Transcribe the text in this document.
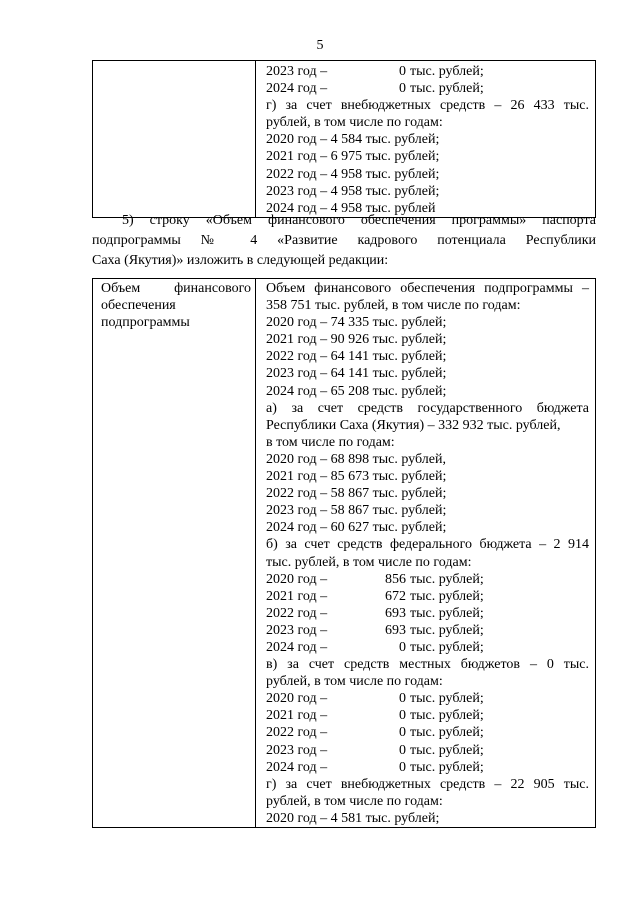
5

2023 год –	0 тыс. рублей;
2024 год –	0 тыс. рублей;
г) за счет внебюджетных средств – 26 433 тыс.
рублей, в том числе по годам:
2020 год – 4 584 тыс. рублей;
2021 год – 6 975 тыс. рублей;
2022 год – 4 958 тыс. рублей;
2023 год – 4 958 тыс. рублей;
2024 год – 4 958 тыс. рублей
5) строку «Объем финансового обеспечения программы» паспорта
подпрограммы № 4 «Развитие кадрового потенциала Республики
Саха (Якутия)» изложить в следующей редакции:
Объем финансового
обеспечения
подпрограммы

Объем финансового обеспечения подпрограммы –
358 751 тыс. рублей, в том числе по годам:
2020 год – 74 335 тыс. рублей;
2021 год – 90 926 тыс. рублей;
2022 год – 64 141 тыс. рублей;
2023 год – 64 141 тыс. рублей;
2024 год – 65 208 тыс. рублей;
а) за счет средств государственного бюджета
Республики Саха (Якутия) – 332 932 тыс. рублей,
в том числе по годам:
2020 год – 68 898 тыс. рублей,
2021 год – 85 673 тыс. рублей;
2022 год – 58 867 тыс. рублей;
2023 год – 58 867 тыс. рублей;
2024 год – 60 627 тыс. рублей;
б) за счет средств федерального бюджета – 2 914
тыс. рублей, в том числе по годам:
2020 год –	856 тыс. рублей;
2021 год –	672 тыс. рублей;
2022 год –	693 тыс. рублей;
2023 год –	693 тыс. рублей;
2024 год –	0 тыс. рублей;
в) за счет средств местных бюджетов – 0 тыс.
рублей, в том числе по годам:
2020 год –	0 тыс. рублей;
2021 год –	0 тыс. рублей;
2022 год –	0 тыс. рублей;
2023 год –	0 тыс. рублей;
2024 год –	0 тыс. рублей;
г) за счет внебюджетных средств – 22 905 тыс.
рублей, в том числе по годам:
2020 год – 4 581 тыс. рублей;
